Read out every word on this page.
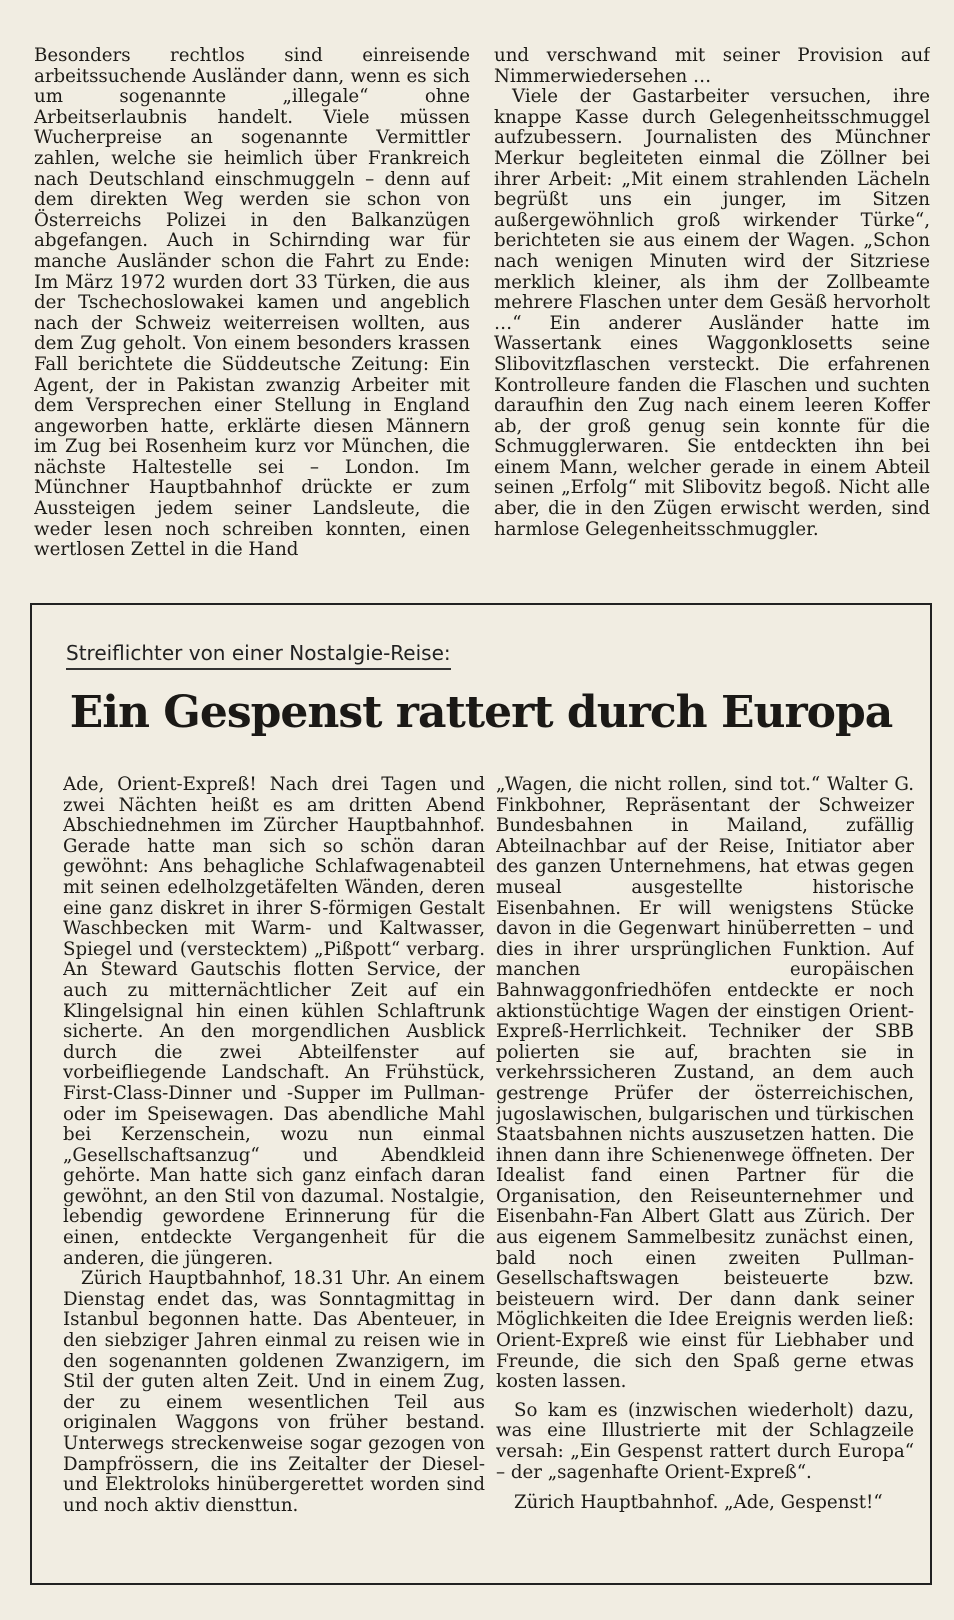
Besonders rechtlos sind einreisende arbeitssuchende Ausländer dann, wenn es sich um sogenannte „illegale“ ohne Arbeitserlaubnis handelt. Viele müssen Wucherpreise an sogenannte Vermittler zahlen, welche sie heimlich über Frankreich nach Deutschland einschmuggeln – denn auf dem direkten Weg werden sie schon von Österreichs Polizei in den Balkanzügen abgefangen. Auch in Schirnding war für manche Ausländer schon die Fahrt zu Ende: Im März 1972 wurden dort 33 Türken, die aus der Tschechoslowakei kamen und angeblich nach der Schweiz weiterreisen wollten, aus dem Zug geholt. Von einem besonders krassen Fall berichtete die Süddeutsche Zeitung: Ein Agent, der in Pakistan zwanzig Arbeiter mit dem Versprechen einer Stellung in England angeworben hatte, erklärte diesen Männern im Zug bei Rosenheim kurz vor München, die nächste Haltestelle sei – London. Im Münchner Hauptbahnhof drückte er zum Aussteigen jedem seiner Landsleute, die weder lesen noch schreiben konnten, einen wertlosen Zettel in die Hand

und verschwand mit seiner Provision auf Nimmerwiedersehen …

Viele der Gastarbeiter versuchen, ihre knappe Kasse durch Gelegenheitsschmuggel aufzubessern. Journalisten des Münchner Merkur begleiteten einmal die Zöllner bei ihrer Arbeit: „Mit einem strahlenden Lächeln begrüßt uns ein junger, im Sitzen außergewöhnlich groß wirkender Türke“, berichteten sie aus einem der Wagen. „Schon nach wenigen Minuten wird der Sitzriese merklich kleiner, als ihm der Zollbeamte mehrere Flaschen unter dem Gesäß hervorholt …“ Ein anderer Ausländer hatte im Wassertank eines Waggonklosetts seine Slibovitzflaschen versteckt. Die erfahrenen Kontrolleure fanden die Flaschen und suchten daraufhin den Zug nach einem leeren Koffer ab, der groß genug sein konnte für die Schmugglerwaren. Sie entdeckten ihn bei einem Mann, welcher gerade in einem Abteil seinen „Erfolg“ mit Slibovitz begoß. Nicht alle aber, die in den Zügen erwischt werden, sind harmlose Gelegenheitsschmuggler.

Streiflichter von einer Nostalgie-Reise:
Ein Gespenst rattert durch Europa

Ade, Orient-Expreß! Nach drei Tagen und zwei Nächten heißt es am dritten Abend Abschiednehmen im Zürcher Hauptbahnhof. Gerade hatte man sich so schön daran gewöhnt: Ans behagliche Schlafwagenabteil mit seinen edelholzgetäfelten Wänden, deren eine ganz diskret in ihrer S-förmigen Gestalt Waschbecken mit Warm- und Kaltwasser, Spiegel und (verstecktem) „Pißpott“ verbarg. An Steward Gautschis flotten Service, der auch zu mitternächtlicher Zeit auf ein Klingelsignal hin einen kühlen Schlaftrunk sicherte. An den morgendlichen Ausblick durch die zwei Abteilfenster auf vorbeifliegende Landschaft. An Frühstück, First-Class-Dinner und -Supper im Pullman- oder im Speisewagen. Das abendliche Mahl bei Kerzenschein, wozu nun einmal „Gesellschaftsanzug“ und Abendkleid gehörte. Man hatte sich ganz einfach daran gewöhnt, an den Stil von dazumal. Nostalgie, lebendig gewordene Erinnerung für die einen, entdeckte Vergangenheit für die anderen, die jüngeren.

Zürich Hauptbahnhof, 18.31 Uhr. An einem Dienstag endet das, was Sonntagmittag in Istanbul begonnen hatte. Das Abenteuer, in den siebziger Jahren einmal zu reisen wie in den sogenannten goldenen Zwanzigern, im Stil der guten alten Zeit. Und in einem Zug, der zu einem wesentlichen Teil aus originalen Waggons von früher bestand. Unterwegs streckenweise sogar gezogen von Dampfrössern, die ins Zeitalter der Diesel- und Elektroloks hinübergerettet worden sind und noch aktiv diensttun.

„Wagen, die nicht rollen, sind tot.“ Walter G. Finkbohner, Repräsentant der Schweizer Bundesbahnen in Mailand, zufällig Abteilnachbar auf der Reise, Initiator aber des ganzen Unternehmens, hat etwas gegen museal ausgestellte historische Eisenbahnen. Er will wenigstens Stücke davon in die Gegenwart hinüberretten – und dies in ihrer ursprünglichen Funktion. Auf manchen europäischen Bahnwaggonfriedhöfen entdeckte er noch aktionstüchtige Wagen der einstigen Orient-Expreß-Herrlichkeit. Techniker der SBB polierten sie auf, brachten sie in verkehrssicheren Zustand, an dem auch gestrenge Prüfer der österreichischen, jugoslawischen, bulgarischen und türkischen Staatsbahnen nichts auszusetzen hatten. Die ihnen dann ihre Schienenwege öffneten. Der Idealist fand einen Partner für die Organisation, den Reiseunternehmer und Eisenbahn-Fan Albert Glatt aus Zürich. Der aus eigenem Sammelbesitz zunächst einen, bald noch einen zweiten Pullman-Gesellschaftswagen beisteuerte bzw. beisteuern wird. Der dann dank seiner Möglichkeiten die Idee Ereignis werden ließ: Orient-Expreß wie einst für Liebhaber und Freunde, die sich den Spaß gerne etwas kosten lassen.

So kam es (inzwischen wiederholt) dazu, was eine Illustrierte mit der Schlagzeile versah: „Ein Gespenst rattert durch Europa“ – der „sagenhafte Orient-Expreß“.

Zürich Hauptbahnhof. „Ade, Gespenst!“
